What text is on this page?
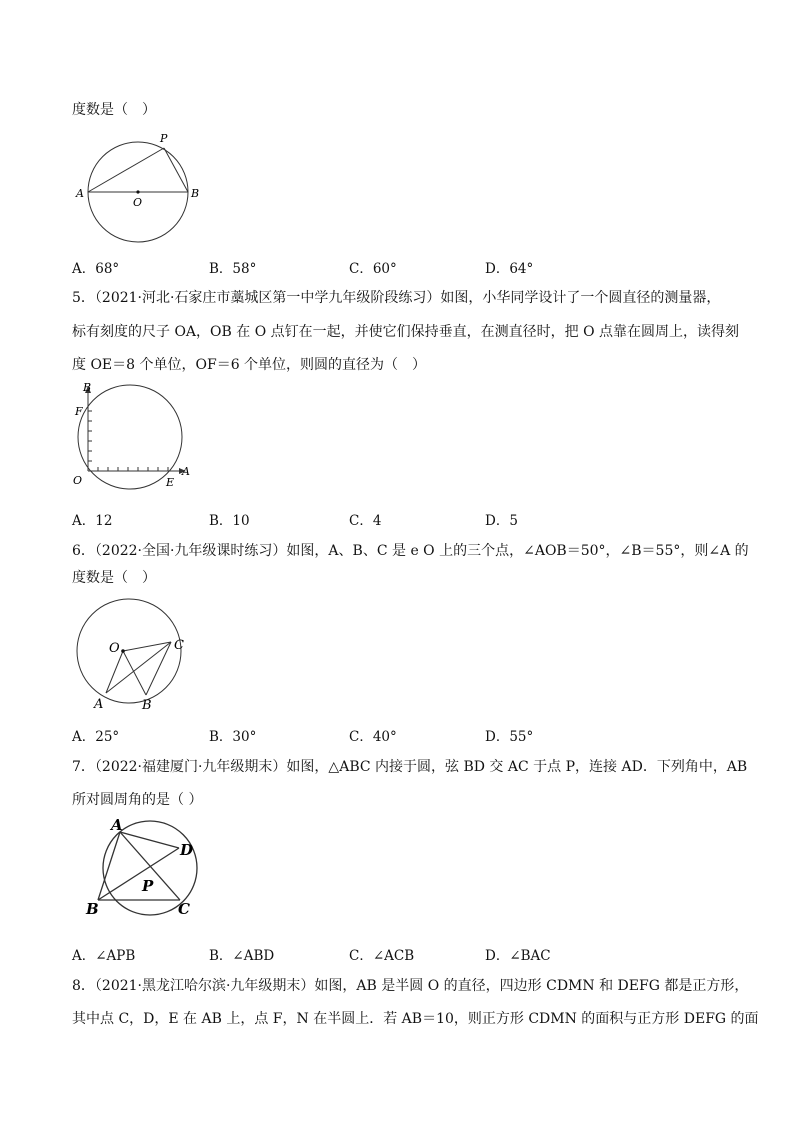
度数是（　）
A	B
O
P
A．68°	B．58°	C．60°	D．64°
5．（2021·河北·石家庄市藁城区第一中学九年级阶段练习）如图，小华同学设计了一个圆直径的测量器，
标有刻度的尺子 OA，OB 在 O 点钉在一起，并使它们保持垂直，在测直径时，把 O 点靠在圆周上，读得刻
度 OE＝8 个单位，OF＝6 个单位，则圆的直径为（　）
B
F
O	E
A
A．12	B．10	C．4	D．5
6．（2022·全国·九年级课时练习）如图，A、B、C 是 e O 上的三个点，∠AOB＝50°，∠B＝55°，则∠A 的
度数是（　）
O	C
A	B
A．25°	B．30°	C．40°	D．55°
7．（2022·福建厦门·九年级期末）如图，△ABC 内接于圆，弦 BD 交 AC 于点 P，连接 AD．下列角中，AB
所对圆周角的是（ ）
A
D
P
B	C
A．∠APB	B．∠ABD	C．∠ACB	D．∠BAC
8．（2021·黑龙江哈尔滨·九年级期末）如图，AB 是半圆 O 的直径，四边形 CDMN 和 DEFG 都是正方形，
其中点 C，D，E 在 AB 上，点 F，N 在半圆上．若 AB＝10，则正方形 CDMN 的面积与正方形 DEFG 的面
